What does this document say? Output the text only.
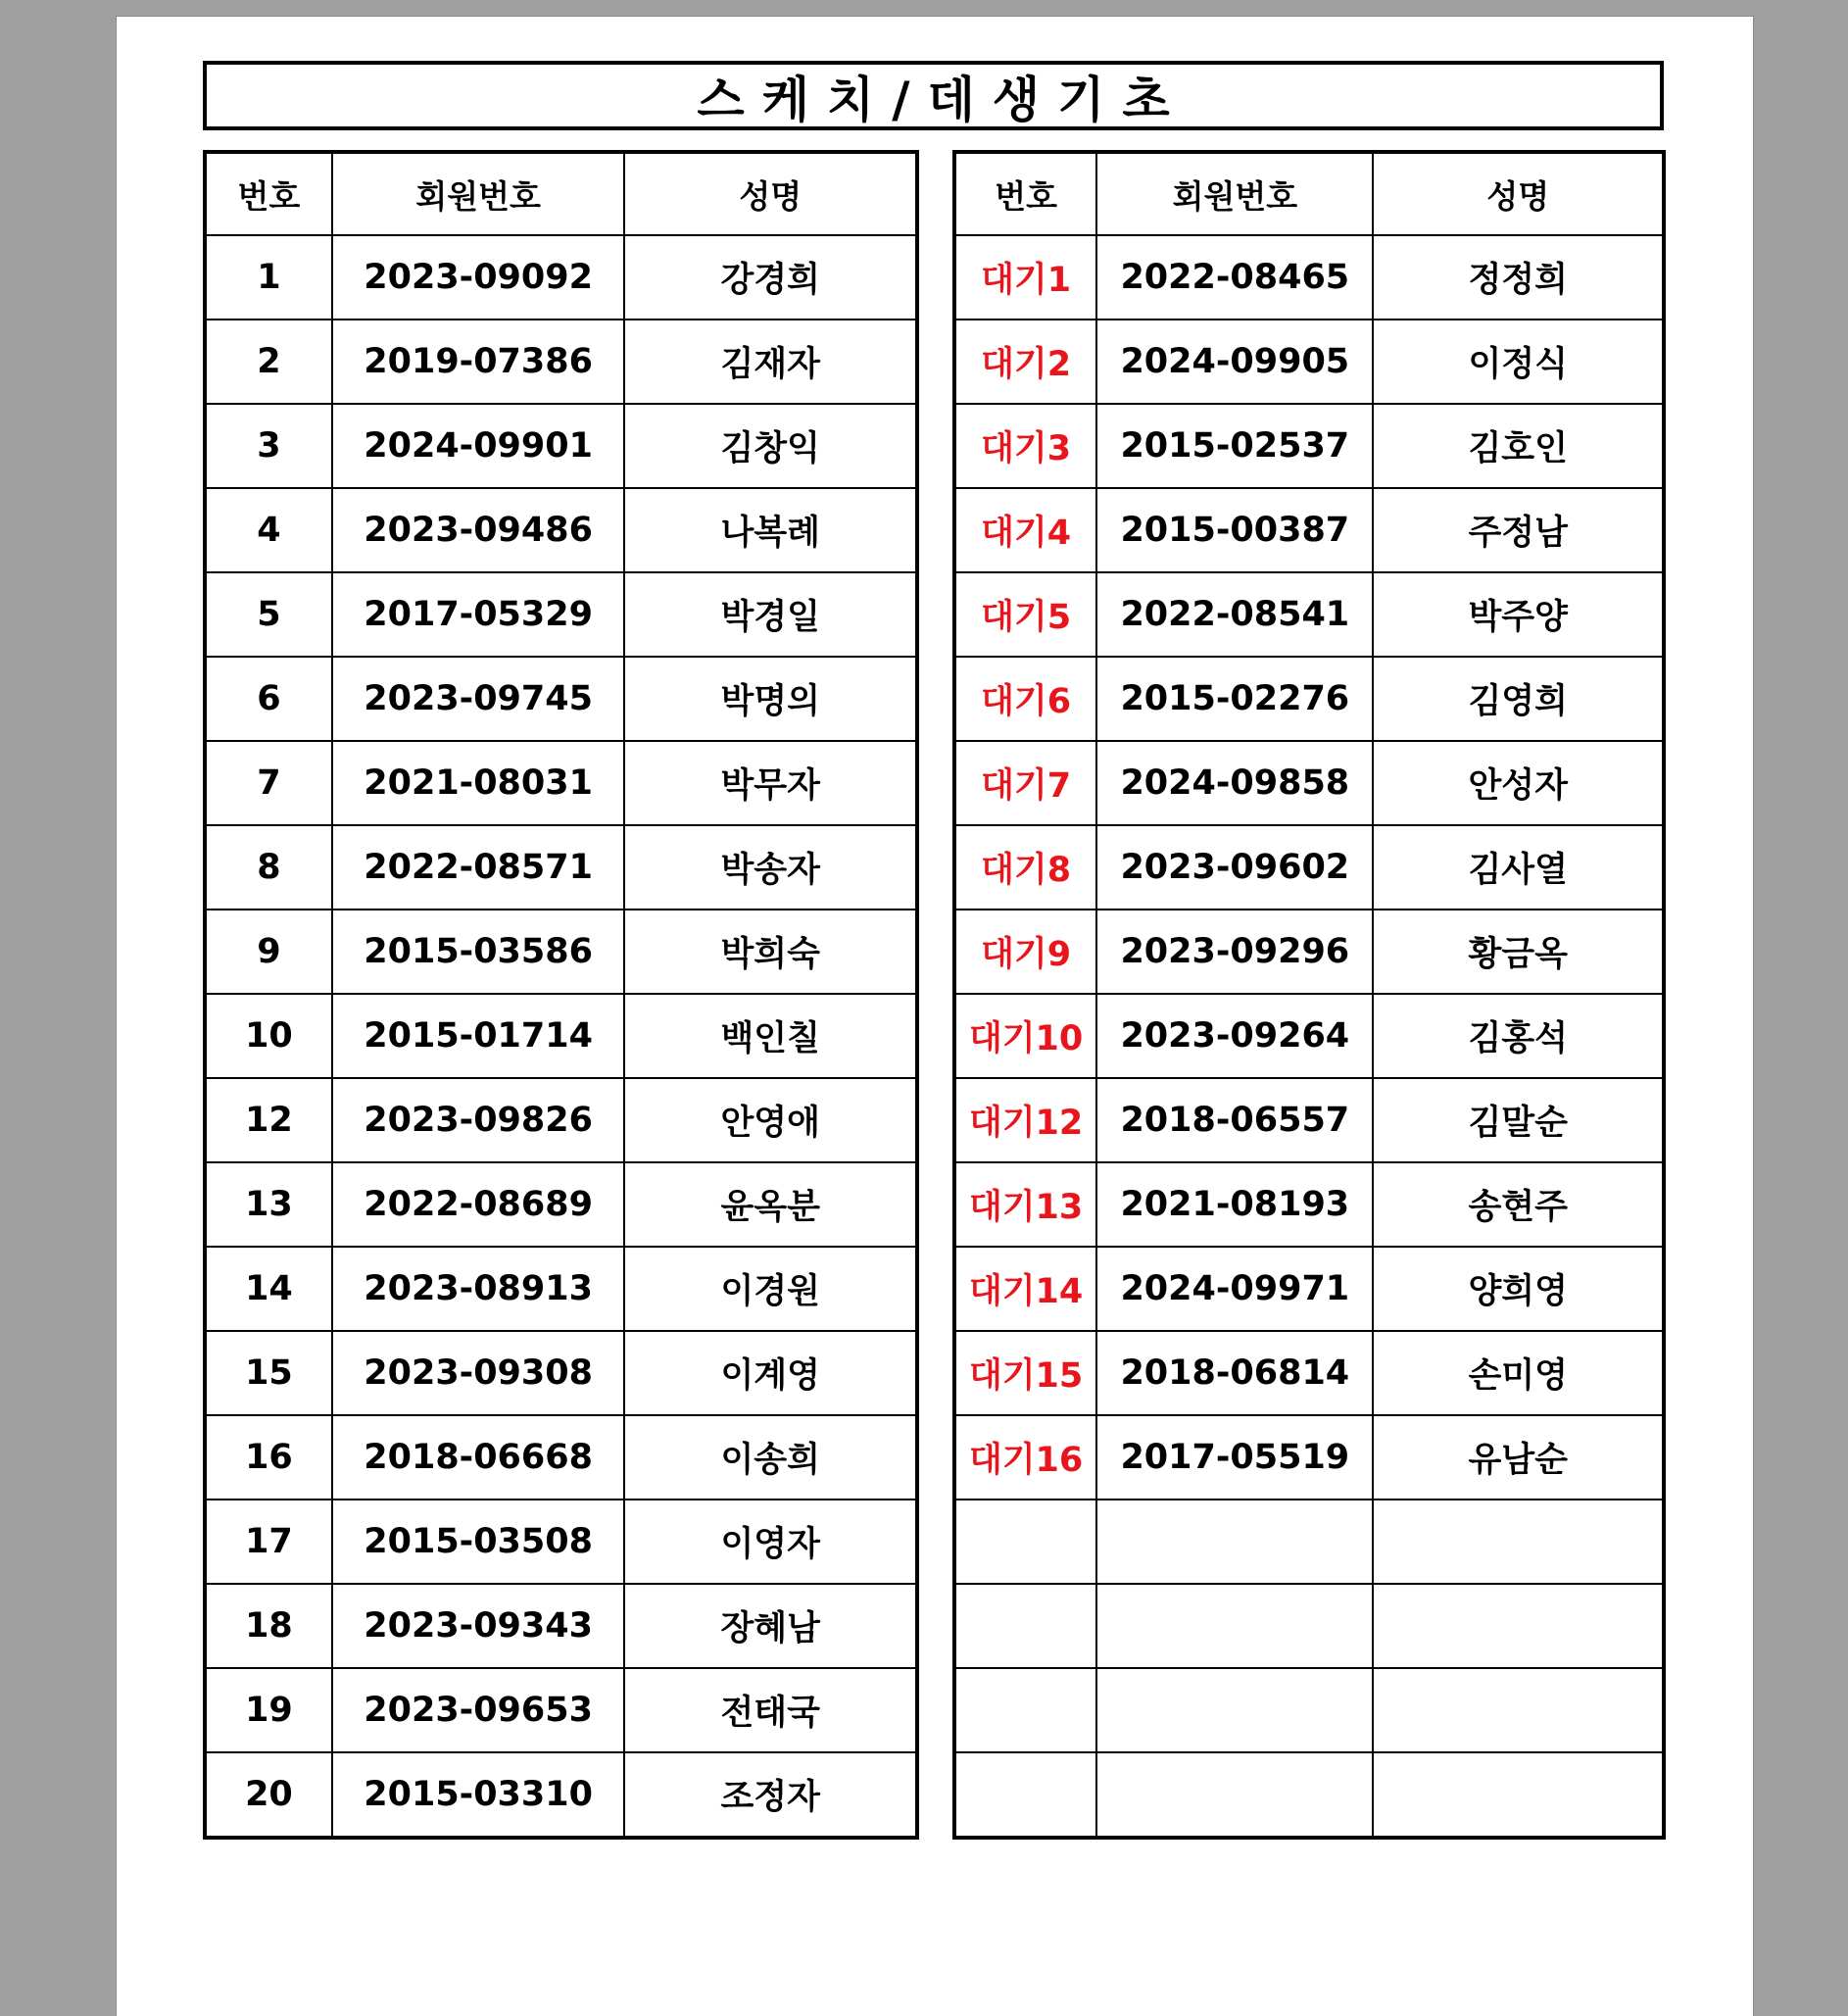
스케치/데생기초
번호	회원번호	성명
1	2023-09092	강경희
2	2019-07386	김재자
3	2024-09901	김창익
4	2023-09486	나복례
5	2017-05329	박경일
6	2023-09745	박명의
7	2021-08031	박무자
8	2022-08571	박송자
9	2015-03586	박희숙
10	2015-01714	백인칠
12	2023-09826	안영애
13	2022-08689	윤옥분
14	2023-08913	이경원
15	2023-09308	이계영
16	2018-06668	이송희
17	2015-03508	이영자
18	2023-09343	장혜남
19	2023-09653	전태국
20	2015-03310	조정자
번호	회원번호	성명
대기1	2022-08465	정정희
대기2	2024-09905	이정식
대기3	2015-02537	김호인
대기4	2015-00387	주정남
대기5	2022-08541	박주양
대기6	2015-02276	김영희
대기7	2024-09858	안성자
대기8	2023-09602	김사열
대기9	2023-09296	황금옥
대기10	2023-09264	김홍석
대기12	2018-06557	김말순
대기13	2021-08193	송현주
대기14	2024-09971	양희영
대기15	2018-06814	손미영
대기16	2017-05519	유남순
